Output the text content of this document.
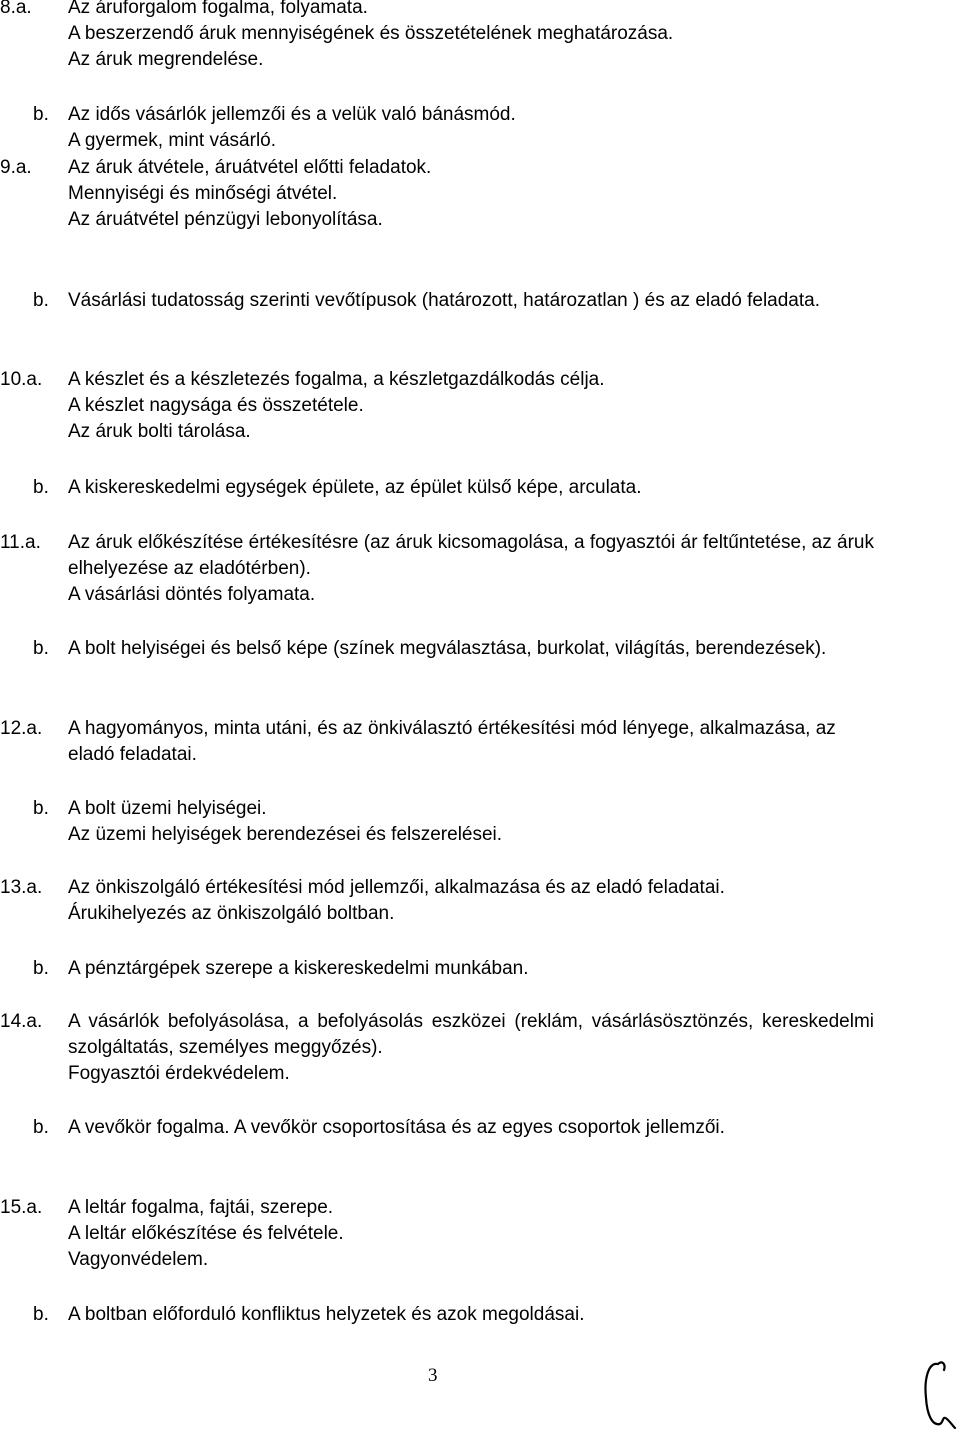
8.a. Az áruforgalom fogalma, folyamata.

A beszerzendő áruk mennyiségének és összetételének meghatározása.

Az áruk megrendelése.

b. Az idős vásárlók jellemzői és a velük való bánásmód.

A gyermek, mint vásárló.

9.a. Az áruk átvétele, áruátvétel előtti feladatok.

Mennyiségi és minőségi átvétel.

Az áruátvétel pénzügyi lebonyolítása.

b. Vásárlási tudatosság szerinti vevőtípusok (határozott, határozatlan ) és az eladó feladata.

10.a. A készlet és a készletezés fogalma, a készletgazdálkodás célja.

A készlet nagysága és összetétele.

Az áruk bolti tárolása.

b. A kiskereskedelmi egységek épülete, az épület külső képe, arculata.

11.a. Az áruk előkészítése értékesítésre (az áruk kicsomagolása, a fogyasztói ár feltűntetése, az áruk elhelyezése az eladótérben).

A vásárlási döntés folyamata.

b. A bolt helyiségei és belső képe (színek megválasztása, burkolat, világítás, berendezések).

12.a. A hagyományos, minta utáni, és az önkiválasztó értékesítési mód lényege, alkalmazása, az eladó feladatai.

b. A bolt üzemi helyiségei.

Az üzemi helyiségek berendezései és felszerelései.

13.a. Az önkiszolgáló értékesítési mód jellemzői, alkalmazása és az eladó feladatai.

Árukihelyezés az önkiszolgáló boltban.

b. A pénztárgépek szerepe a kiskereskedelmi munkában.

14.a. A vásárlók befolyásolása, a befolyásolás eszközei (reklám, vásárlásösztönzés, kereskedelmi szolgáltatás, személyes meggyőzés).

Fogyasztói érdekvédelem.

b. A vevőkör fogalma. A vevőkör csoportosítása és az egyes csoportok jellemzői.

15.a. A leltár fogalma, fajtái, szerepe.

A leltár előkészítése és felvétele.

Vagyonvédelem.

b. A boltban előforduló konfliktus helyzetek és azok megoldásai.

3
